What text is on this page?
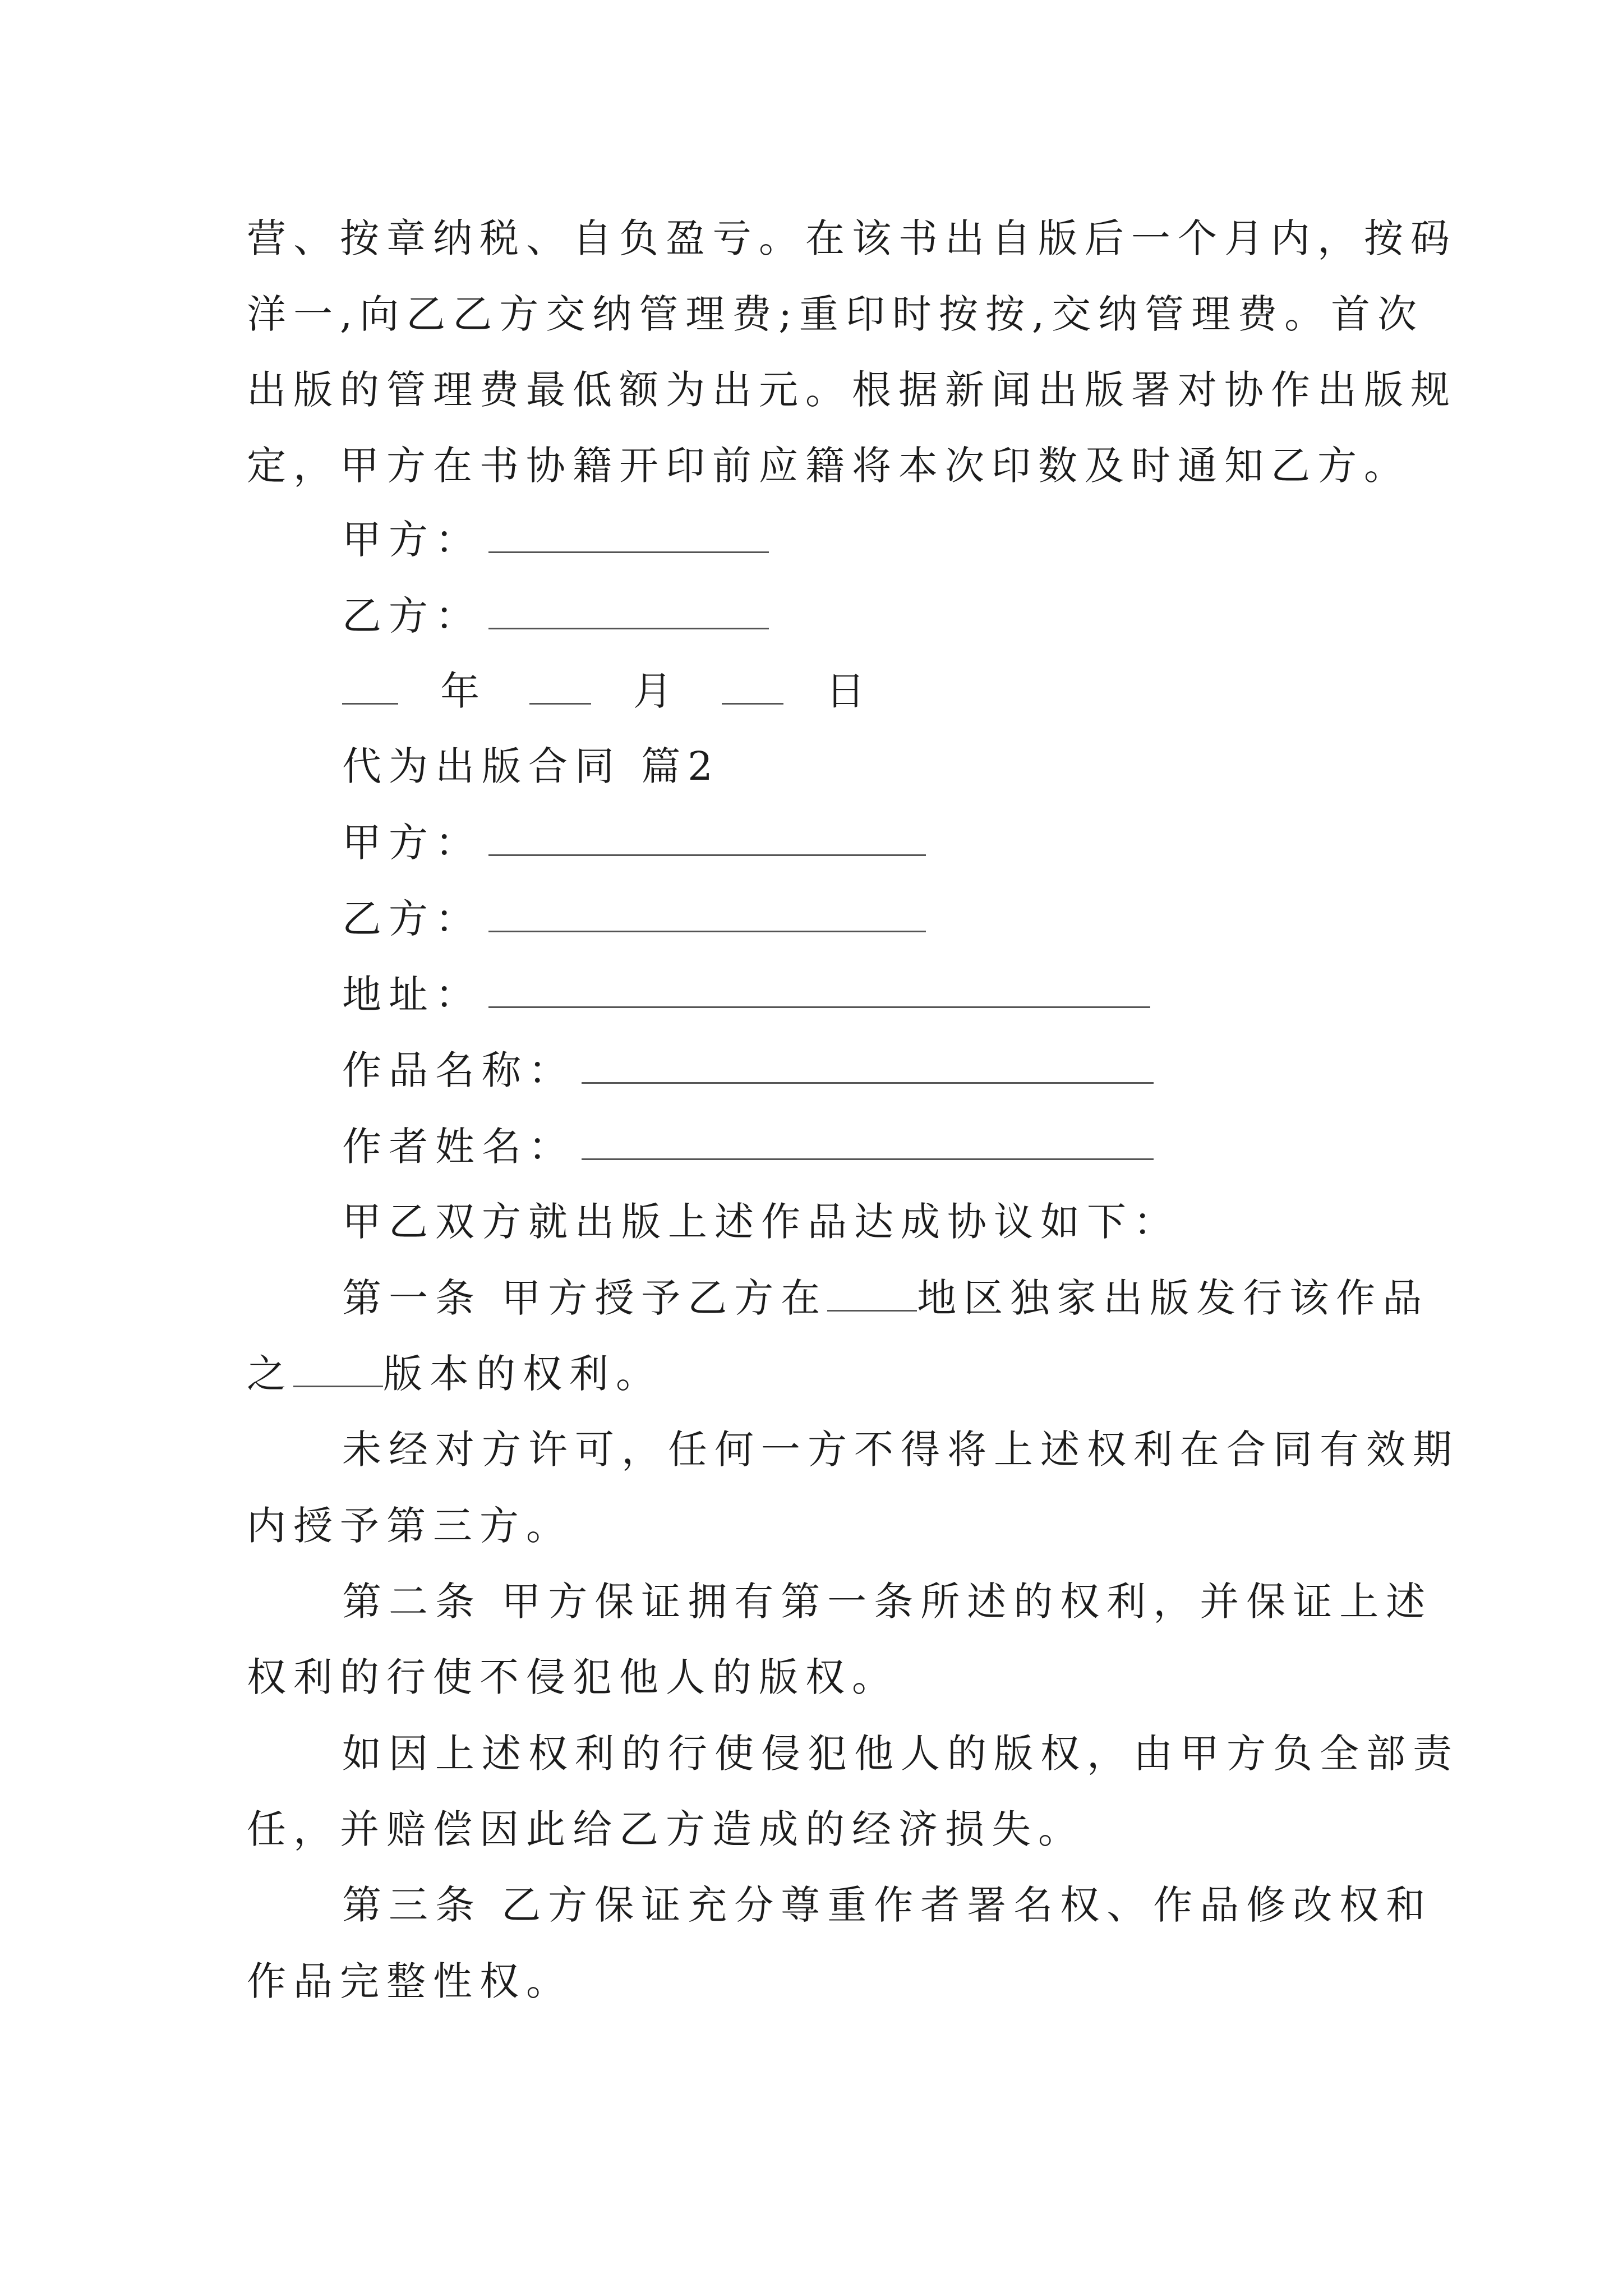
营、按章纳税、自负盈亏。在该书出自版后一个月内，按码
洋一,向乙乙方交纳管理费;重印时按按,交纳管理费。首次
出版的管理费最低额为出元。根据新闻出版署对协作出版规
定，甲方在书协籍开印前应籍将本次印数及时通知乙方。
甲方：
乙方：
年	月	日
代为出版合同 篇2
甲方：
乙方：
地址：
作品名称：
作者姓名：
甲乙双方就出版上述作品达成协议如下：
第一条 甲方授予乙方在 地区独家出版发行该作品
之 版本的权利。
未经对方许可，任何一方不得将上述权利在合同有效期
内授予第三方。
第二条 甲方保证拥有第一条所述的权利，并保证上述
权利的行使不侵犯他人的版权。
如因上述权利的行使侵犯他人的版权，由甲方负全部责
任，并赔偿因此给乙方造成的经济损失。
第三条 乙方保证充分尊重作者署名权、作品修改权和
作品完整性权。
